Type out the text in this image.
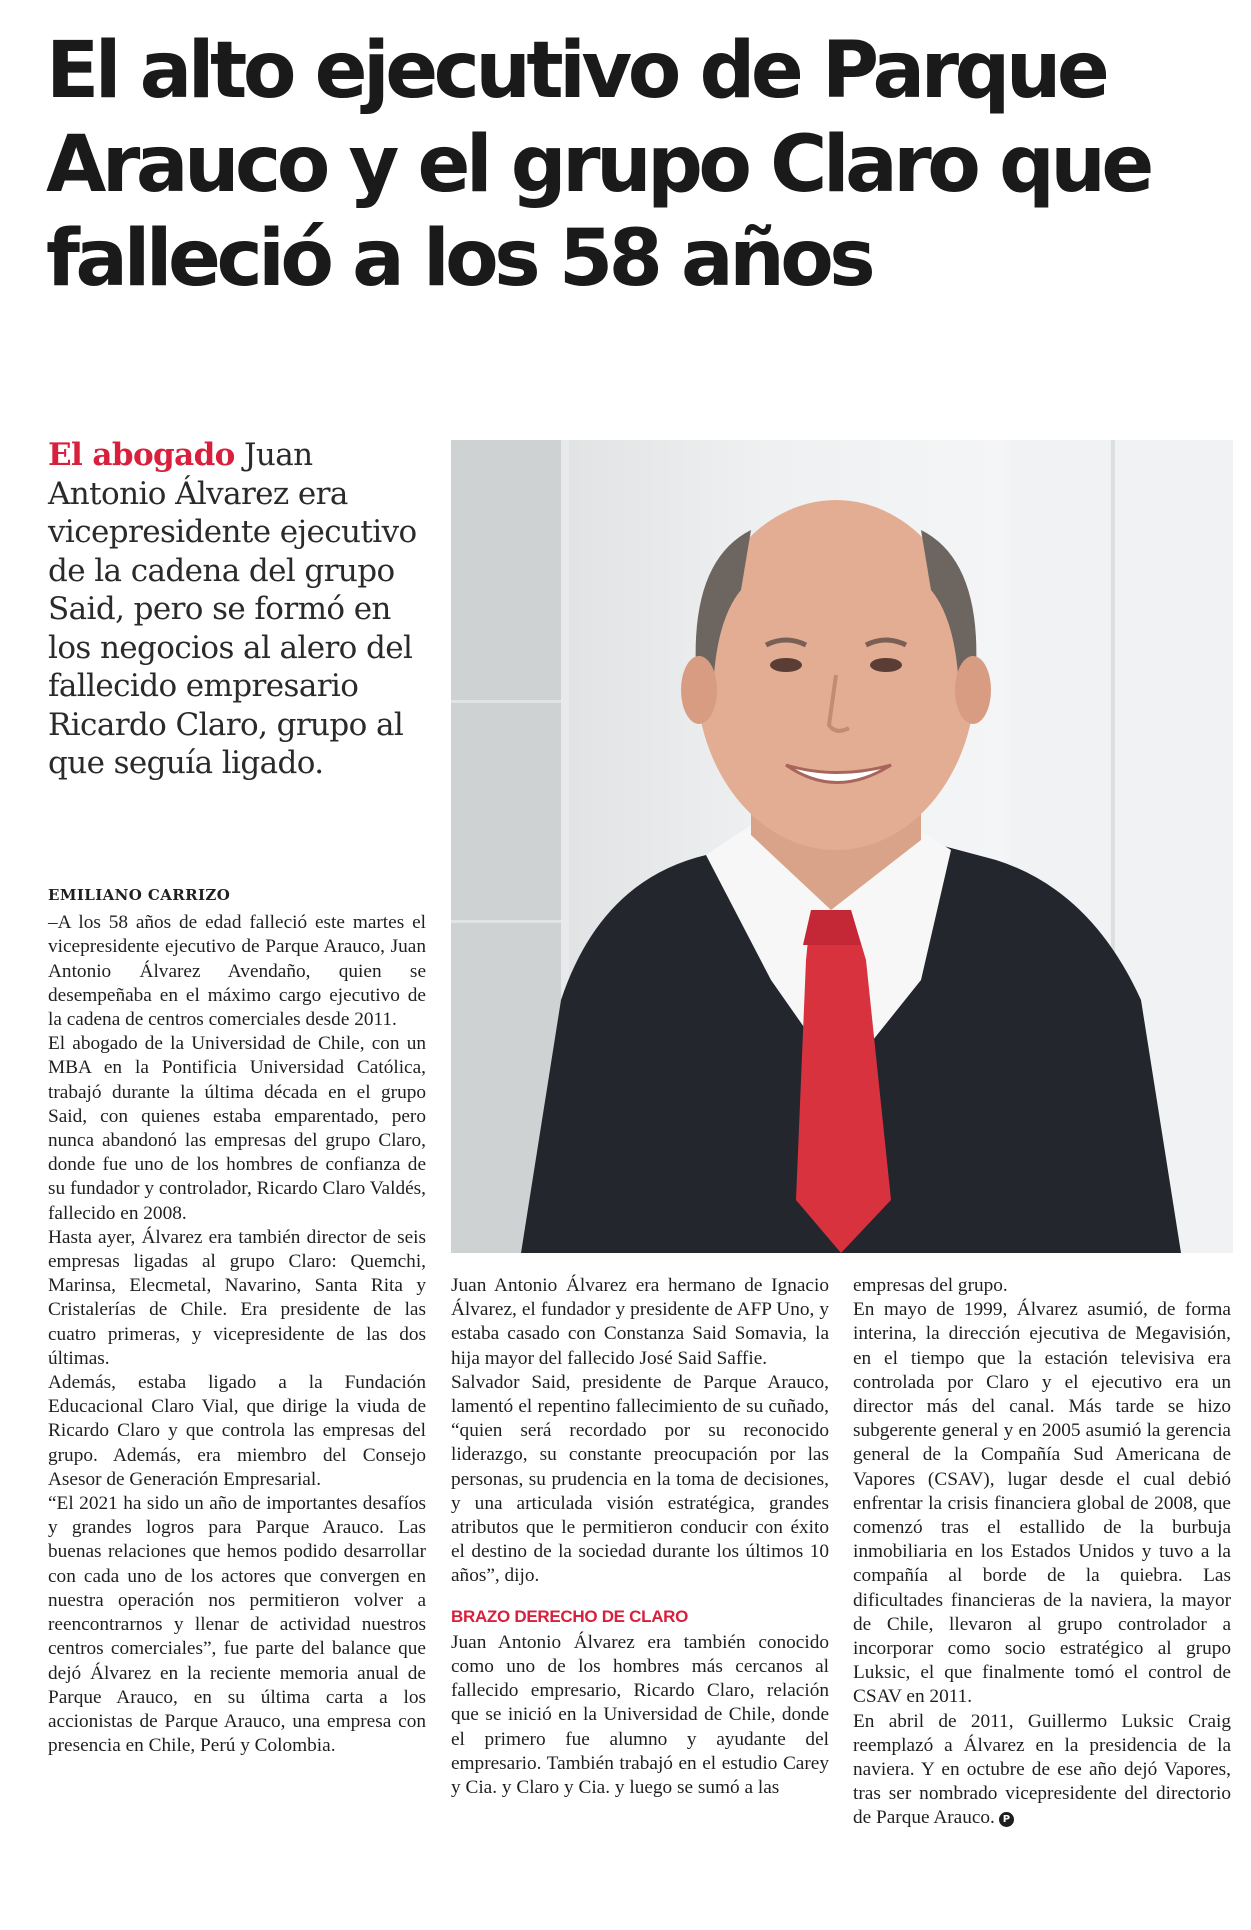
El alto ejecutivo de Parque Arauco y el grupo Claro que falleció a los 58 años

El abogado Juan Antonio Álvarez era vicepresidente ejecutivo de la cadena del grupo Said, pero se formó en los negocios al alero del fallecido empresario Ricardo Claro, grupo al que seguía ligado.

EMILIANO CARRIZO

–A los 58 años de edad falleció este martes el vicepresidente ejecutivo de Parque Arauco, Juan Antonio Álvarez Avendaño, quien se desempeñaba en el máximo cargo ejecutivo de la cadena de centros comerciales desde 2011.

El abogado de la Universidad de Chile, con un MBA en la Pontificia Universidad Católica, trabajó durante la última década en el grupo Said, con quienes estaba emparentado, pero nunca abandonó las empresas del grupo Claro, donde fue uno de los hombres de confianza de su fundador y controlador, Ricardo Claro Valdés, fallecido en 2008.

Hasta ayer, Álvarez era también director de seis empresas ligadas al grupo Claro: Quemchi, Marinsa, Elecmetal, Navarino, Santa Rita y Cristalerías de Chile. Era presidente de las cuatro primeras, y vicepresidente de las dos últimas.

Además, estaba ligado a la Fundación Educacional Claro Vial, que dirige la viuda de Ricardo Claro y que controla las empresas del grupo. Además, era miembro del Consejo Asesor de Generación Empresarial.

“El 2021 ha sido un año de importantes desafíos y grandes logros para Parque Arauco. Las buenas relaciones que hemos podido desarrollar con cada uno de los actores que convergen en nuestra operación nos permitieron volver a reencontrarnos y llenar de actividad nuestros centros comerciales”, fue parte del balance que dejó Álvarez en la reciente memoria anual de Parque Arauco, en su última carta a los accionistas de Parque Arauco, una empresa con presencia en Chile, Perú y Colombia.

Juan Antonio Álvarez era hermano de Ignacio Álvarez, el fundador y presidente de AFP Uno, y estaba casado con Constanza Said Somavia, la hija mayor del fallecido José Said Saffie.

Salvador Said, presidente de Parque Arauco, lamentó el repentino fallecimiento de su cuñado, “quien será recordado por su reconocido liderazgo, su constante preocupación por las personas, su prudencia en la toma de decisiones, y una articulada visión estratégica, grandes atributos que le permitieron conducir con éxito el destino de la sociedad durante los últimos 10 años”, dijo.

BRAZO DERECHO DE CLARO

Juan Antonio Álvarez era también conocido como uno de los hombres más cercanos al fallecido empresario, Ricardo Claro, relación que se inició en la Universidad de Chile, donde el primero fue alumno y ayudante del empresario. También trabajó en el estudio Carey y Cia. y Claro y Cia. y luego se sumó a las

empresas del grupo.

En mayo de 1999, Álvarez asumió, de forma interina, la dirección ejecutiva de Megavisión, en el tiempo que la estación televisiva era controlada por Claro y el ejecutivo era un director más del canal. Más tarde se hizo subgerente general y en 2005 asumió la gerencia general de la Compañía Sud Americana de Vapores (CSAV), lugar desde el cual debió enfrentar la crisis financiera global de 2008, que comenzó tras el estallido de la burbuja inmobiliaria en los Estados Unidos y tuvo a la compañía al borde de la quiebra. Las dificultades financieras de la naviera, la mayor de Chile, llevaron al grupo controlador a incorporar como socio estratégico al grupo Luksic, el que finalmente tomó el control de CSAV en 2011.

En abril de 2011, Guillermo Luksic Craig reemplazó a Álvarez en la presidencia de la naviera. Y en octubre de ese año dejó Vapores, tras ser nombrado vicepresidente del directorio de Parque Arauco. P
